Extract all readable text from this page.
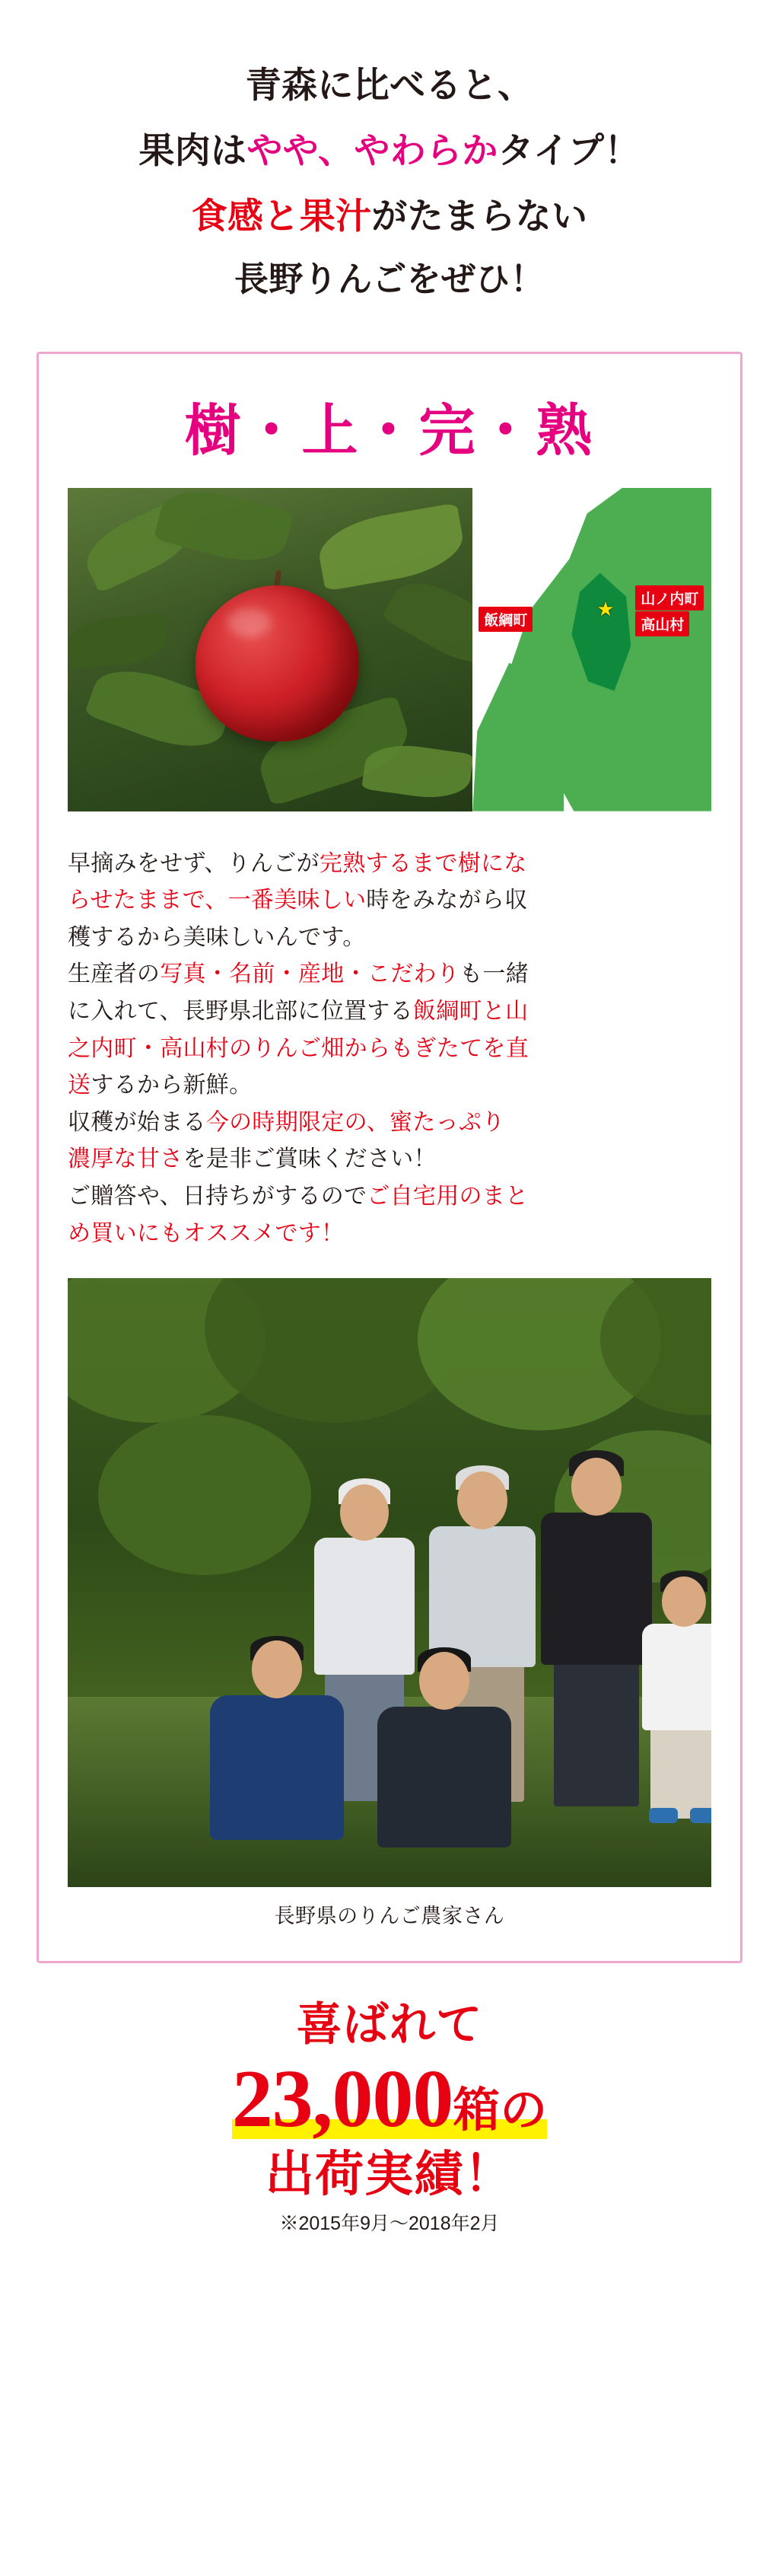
青森に比べると、
果肉はやや、やわらかタイプ！
食感と果汁がたまらない
長野りんごをぜひ！
樹・上・完・熟
★
飯綱町
山ノ内町
高山村
早摘みをせず、りんごが完熟するまで樹にな
らせたままで、一番美味しい時をみながら収
穫するから美味しいんです。
生産者の写真・名前・産地・こだわりも一緒
に入れて、長野県北部に位置する飯綱町と山
之内町・高山村のりんご畑からもぎたてを直
送するから新鮮。
収穫が始まる今の時期限定の、蜜たっぷり
濃厚な甘さを是非ご賞味ください！
ご贈答や、日持ちがするのでご自宅用のまと
め買いにもオススメです！
長野県のりんご農家さん
喜ばれて
23,000箱の
出荷実績！
※2015年9月〜2018年2月
